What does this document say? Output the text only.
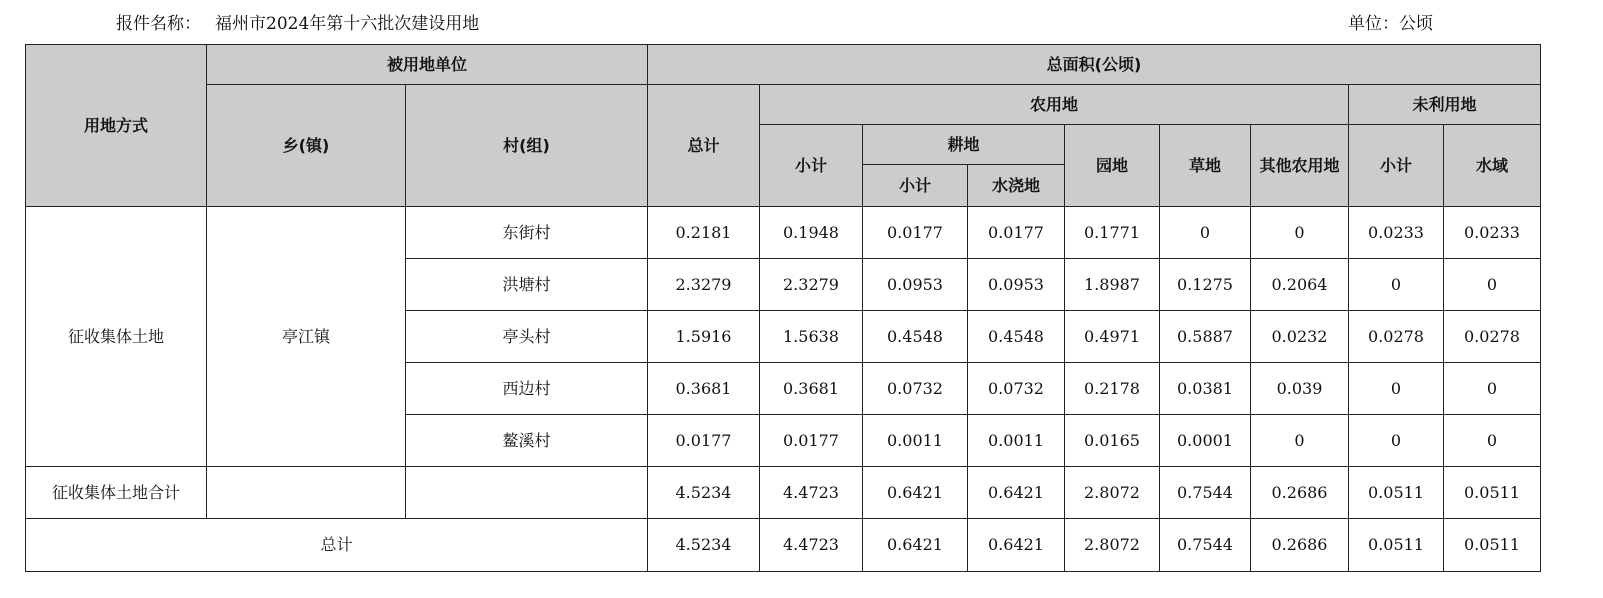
报件名称： 福州市2024年第十六批次建设用地	单位：公顷
用地方式	被用地单位		总面积(公顷)								
	乡(镇)	村(组)	总计	农用地						未利用地	
				小计	耕地		园地	草地	其他农用地	小计	水域
					小计	水浇地					
征收集体土地	亭江镇	东街村	0.2181	0.1948	0.0177	0.0177	0.1771	0	0	0.0233	0.0233
		洪塘村	2.3279	2.3279	0.0953	0.0953	1.8987	0.1275	0.2064	0	0
		亭头村	1.5916	1.5638	0.4548	0.4548	0.4971	0.5887	0.0232	0.0278	0.0278
		西边村	0.3681	0.3681	0.0732	0.0732	0.2178	0.0381	0.039	0	0
		鳌溪村	0.0177	0.0177	0.0011	0.0011	0.0165	0.0001	0	0	0
征收集体土地合计			4.5234	4.4723	0.6421	0.6421	2.8072	0.7544	0.2686	0.0511	0.0511
总计			4.5234	4.4723	0.6421	0.6421	2.8072	0.7544	0.2686	0.0511	0.0511
